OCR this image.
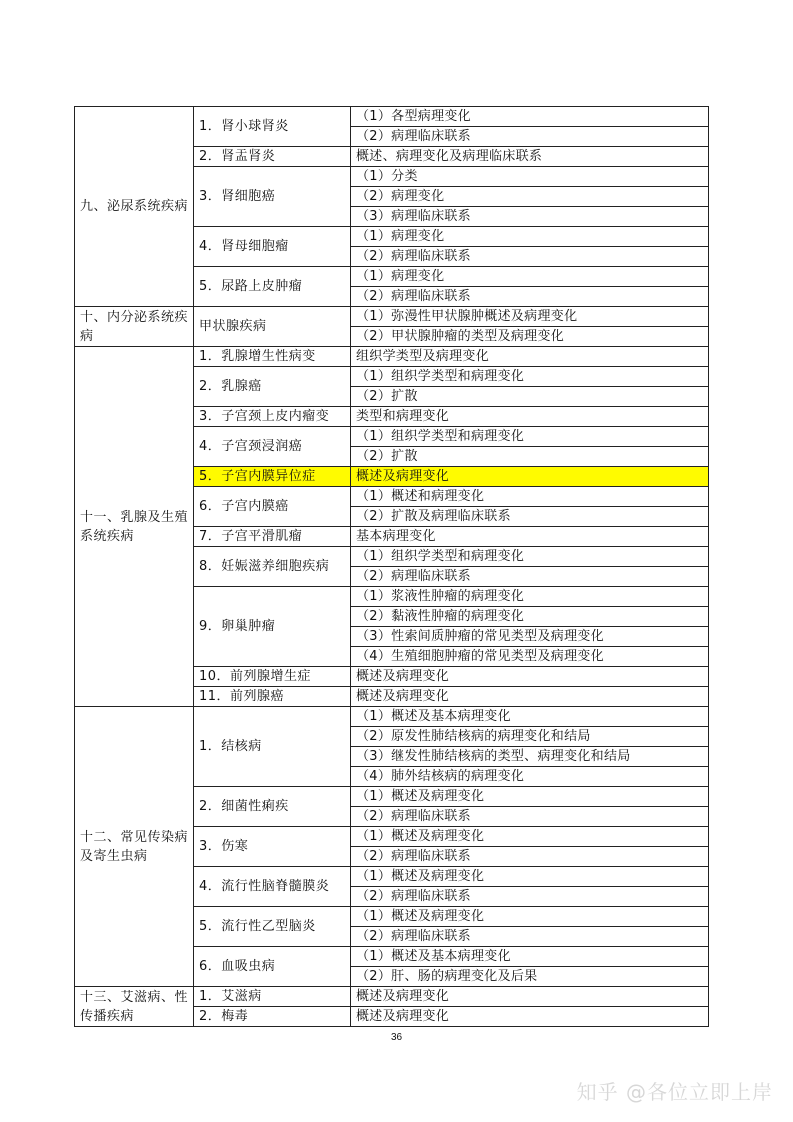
九、泌尿系统疾病	1．肾小球肾炎	（1）各型病理变化
		（2）病理临床联系
	2．肾盂肾炎	概述、病理变化及病理临床联系
	3．肾细胞癌	（1）分类
		（2）病理变化
		（3）病理临床联系
	4．肾母细胞瘤	（1）病理变化
		（2）病理临床联系
	5．尿路上皮肿瘤	（1）病理变化
		（2）病理临床联系
十、内分泌系统疾病	甲状腺疾病	（1）弥漫性甲状腺肿概述及病理变化
		（2）甲状腺肿瘤的类型及病理变化
十一、乳腺及生殖系统疾病	1．乳腺增生性病变	组织学类型及病理变化
	2．乳腺癌	（1）组织学类型和病理变化
		（2）扩散
	3．子宫颈上皮内瘤变	类型和病理变化
	4．子宫颈浸润癌	（1）组织学类型和病理变化
		（2）扩散
	5．子宫内膜异位症	概述及病理变化
	6．子宫内膜癌	（1）概述和病理变化
		（2）扩散及病理临床联系
	7．子宫平滑肌瘤	基本病理变化
	8．妊娠滋养细胞疾病	（1）组织学类型和病理变化
		（2）病理临床联系
	9．卵巢肿瘤	（1）浆液性肿瘤的病理变化
		（2）黏液性肿瘤的病理变化
		（3）性索间质肿瘤的常见类型及病理变化
		（4）生殖细胞肿瘤的常见类型及病理变化
	10．前列腺增生症	概述及病理变化
	11．前列腺癌	概述及病理变化
十二、常见传染病及寄生虫病	1．结核病	（1）概述及基本病理变化
		（2）原发性肺结核病的病理变化和结局
		（3）继发性肺结核病的类型、病理变化和结局
		（4）肺外结核病的病理变化
	2．细菌性痢疾	（1）概述及病理变化
		（2）病理临床联系
	3．伤寒	（1）概述及病理变化
		（2）病理临床联系
	4．流行性脑脊髓膜炎	（1）概述及病理变化
		（2）病理临床联系
	5．流行性乙型脑炎	（1）概述及病理变化
		（2）病理临床联系
	6．血吸虫病	（1）概述及基本病理变化
		（2）肝、肠的病理变化及后果
十三、艾滋病、性传播疾病	1．艾滋病	概述及病理变化
	2．梅毒	概述及病理变化
36
知乎 @各位立即上岸
